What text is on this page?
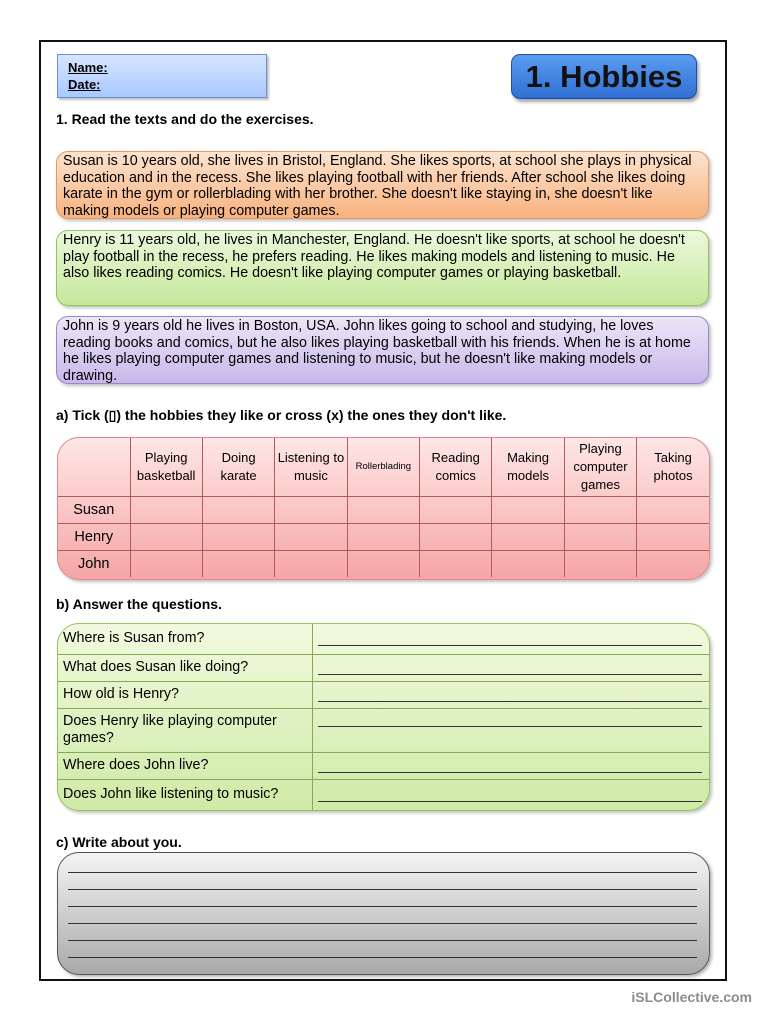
Name:
Date:	1. Hobbies
1. Read the texts and do the exercises.
Susan is 10 years old, she lives in Bristol, England. She likes sports, at school she plays in physical education and in the recess. She likes playing football with her friends. After school she likes doing karate in the gym or rollerblading with her brother. She doesn't like staying in, she doesn't like making models or playing computer games.
Henry is 11 years old, he lives in Manchester, England. He doesn't like sports, at school he doesn't play football in the recess, he prefers reading. He likes making models and listening to music. He also likes reading comics. He doesn't like playing computer games or playing basketball.
John is 9 years old he lives in Boston, USA. John likes going to school and studying, he loves reading books and comics, but he also likes playing basketball with his friends. When he is at home he likes playing computer games and listening to music, but he doesn't like making models or drawing.
a) Tick (▯) the hobbies they like or cross (x) the ones they don't like.
	Playing basketball	Doing karate	Listening to music	Rollerblading	Reading comics	Making models	Playing computer games	Taking photos
Susan								
Henry								
John								
b) Answer the questions.
Where is Susan from?	

What does Susan like doing?	

How old is Henry?	

Does Henry like playing computer games?	

Where does John live?	

Does John like listening to music?	
c) Write about you.
iSLCollective.com
